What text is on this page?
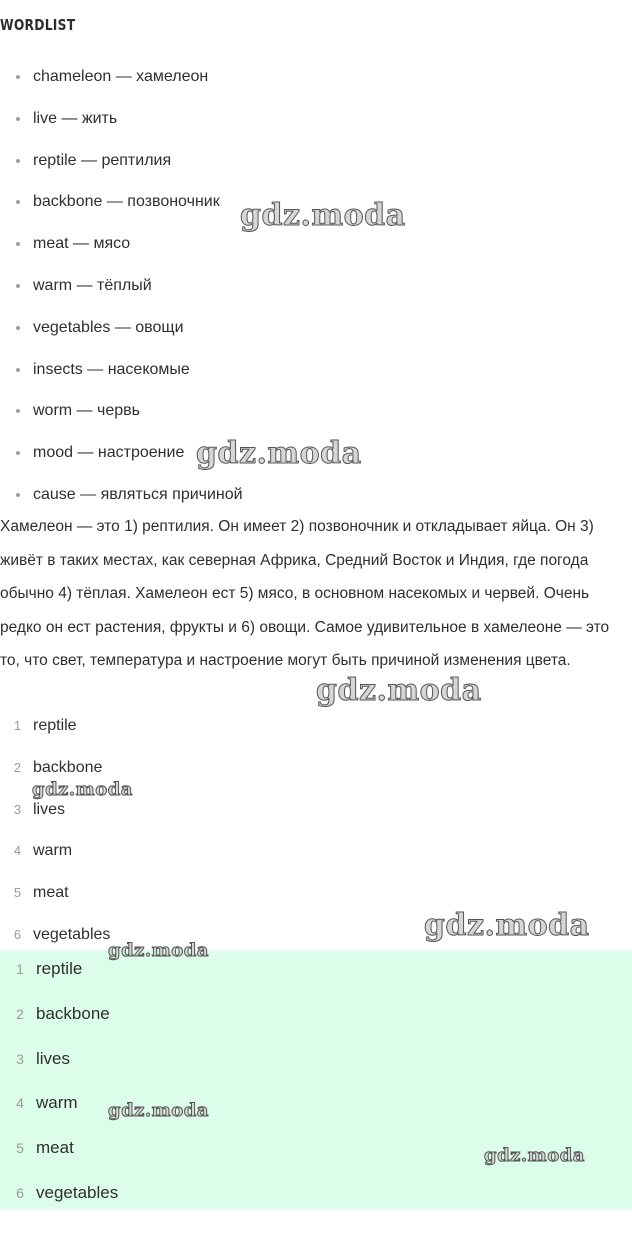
WORDLIST
chameleon — хамелеон
live — жить
reptile — рептилия
backbone — позвоночник
meat — мясо
warm — тёплый
vegetables — овощи
insects — насекомые
worm — червь
mood — настроение
cause — являться причиной

Хамелеон — это 1) рептилия. Он имеет 2) позвоночник и откладывает яйца. Он 3) живёт в таких местах, как северная Африка, Средний Восток и Индия, где погода обычно 4) тёплая. Хамелеон ест 5) мясо, в основном насекомых и червей. Очень редко он ест растения, фрукты и 6) овощи. Самое удивительное в хамелеоне — это то, что свет, температура и настроение могут быть причиной изменения цвета.

1 reptile
2 backbone
3 lives
4 warm
5 meat
6 vegetables
1 reptile
2 backbone
3 lives
4 warm
5 meat
6 vegetables
gdz.moda
gdz.moda
gdz.moda
gdz.moda
gdz.moda
gdz.moda
gdz.moda
gdz.moda
